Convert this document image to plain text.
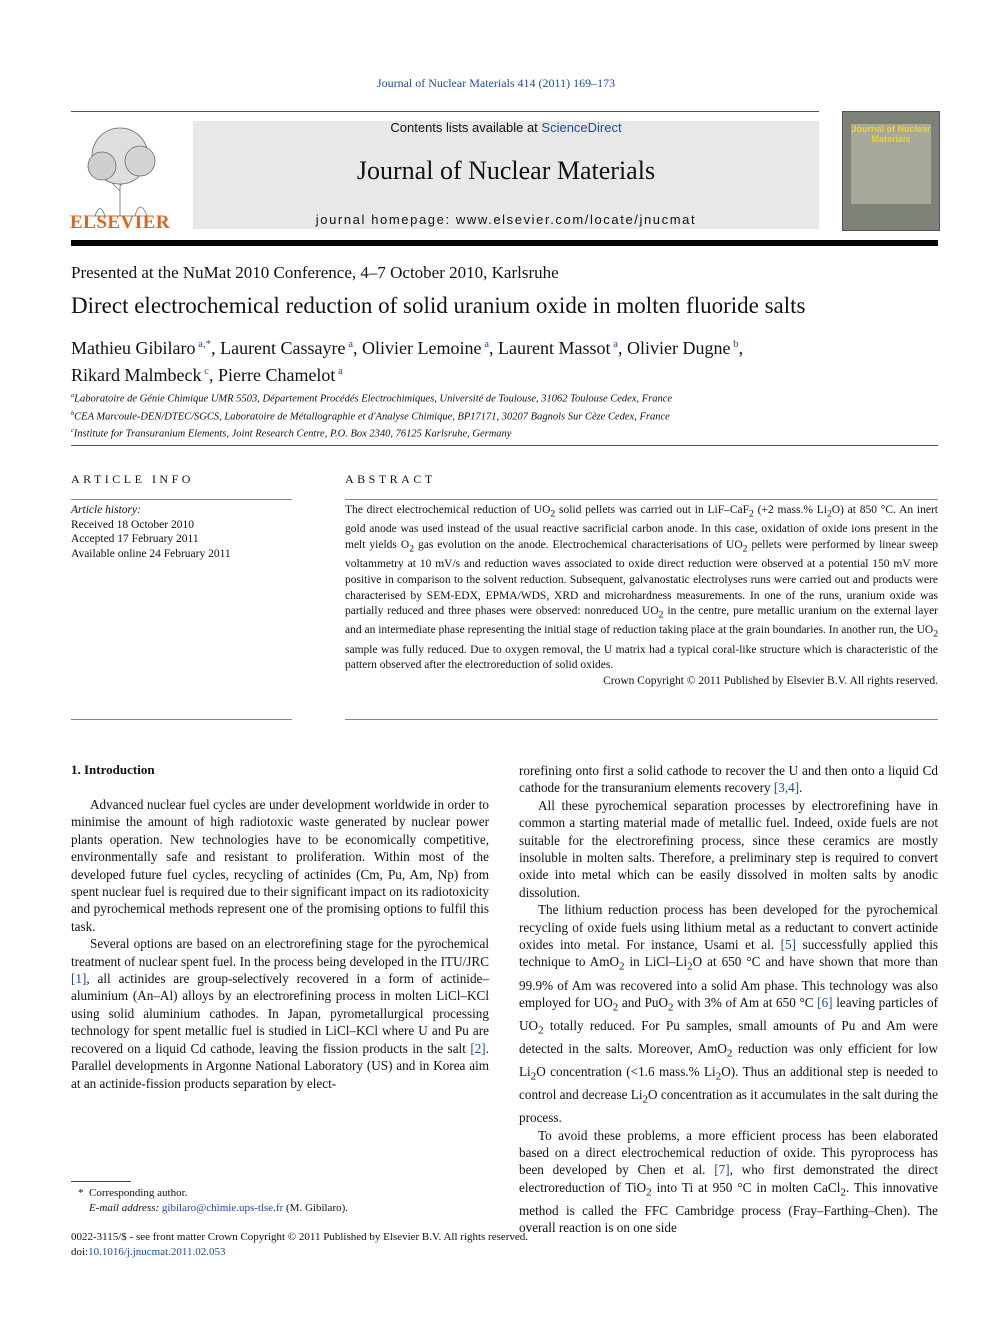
Journal of Nuclear Materials 414 (2011) 169–173
ELSEVIER
Contents lists available at ScienceDirect
Journal of Nuclear Materials
journal homepage: www.elsevier.com/locate/jnucmat
Journal of Nuclear Materials
Presented at the NuMat 2010 Conference, 4–7 October 2010, Karlsruhe
Direct electrochemical reduction of solid uranium oxide in molten fluoride salts
Mathieu Gibilaro $^{a,*}$, Laurent Cassayre $^a$, Olivier Lemoine $^a$, Laurent Massot $^a$, Olivier Dugne $^b$,
Rikard Malmbeck $^c$, Pierre Chamelot $^a$
$^a$Laboratoire de Génie Chimique UMR 5503, Département Procédés Electrochimiques, Université de Toulouse, 31062 Toulouse Cedex, France
$^b$CEA Marcoule-DEN/DTEC/SGCS, Laboratoire de Métallographie et d'Analyse Chimique, BP17171, 30207 Bagnols Sur Cèze Cedex, France
$^c$Institute for Transuranium Elements, Joint Research Centre, P.O. Box 2340, 76125 Karlsruhe, Germany
ARTICLE INFO
Article history:
Received 18 October 2010
Accepted 17 February 2011
Available online 24 February 2011
ABSTRACT
The direct electrochemical reduction of $UO_2$ solid pellets was carried out in LiF–CaF$_2$ (+2 mass.% $Li_2O$) at 850 °C. An inert gold anode was used instead of the usual reactive sacrificial carbon anode. In this case, oxidation of oxide ions present in the melt yields $O_2$ gas evolution on the anode. Electrochemical characterisations of $UO_2$ pellets were performed by linear sweep voltammetry at 10 mV/s and reduction waves associated to oxide direct reduction were observed at a potential 150 mV more positive in comparison to the solvent reduction. Subsequent, galvanostatic electrolyses runs were carried out and products were characterised by SEM-EDX, EPMA/WDS, XRD and microhardness measurements. In one of the runs, uranium oxide was partially reduced and three phases were observed: nonreduced $UO_2$ in the centre, pure metallic uranium on the external layer and an intermediate phase representing the initial stage of reduction taking place at the grain boundaries. In another run, the $UO_2$ sample was fully reduced. Due to oxygen removal, the U matrix had a typical coral-like structure which is characteristic of the pattern observed after the electroreduction of solid oxides.
Crown Copyright © 2011 Published by Elsevier B.V. All rights reserved.
1. Introduction

Advanced nuclear fuel cycles are under development worldwide in order to minimise the amount of high radiotoxic waste generated by nuclear power plants operation. New technologies have to be economically competitive, environmentally safe and resistant to proliferation. Within most of the developed future fuel cycles, recycling of actinides (Cm, Pu, Am, Np) from spent nuclear fuel is required due to their significant impact on its radiotoxicity and pyrochemical methods represent one of the promising options to fulfil this task.

Several options are based on an electrorefining stage for the pyrochemical treatment of nuclear spent fuel. In the process being developed in the ITU/JRC [1], all actinides are group-selectively recovered in a form of actinide–aluminium (An–Al) alloys by an electrorefining process in molten LiCl–KCl using solid aluminium cathodes. In Japan, pyrometallurgical processing technology for spent metallic fuel is studied in LiCl–KCl where U and Pu are recovered on a liquid Cd cathode, leaving the fission products in the salt [2]. Parallel developments in Argonne National Laboratory (US) and in Korea aim at an actinide-fission products separation by elect-

rorefining onto first a solid cathode to recover the U and then onto a liquid Cd cathode for the transuranium elements recovery [3,4].

All these pyrochemical separation processes by electrorefining have in common a starting material made of metallic fuel. Indeed, oxide fuels are not suitable for the electrorefining process, since these ceramics are mostly insoluble in molten salts. Therefore, a preliminary step is required to convert oxide into metal which can be easily dissolved in molten salts by anodic dissolution.

The lithium reduction process has been developed for the pyrochemical recycling of oxide fuels using lithium metal as a reductant to convert actinide oxides into metal. For instance, Usami et al. [5] successfully applied this technique to AmO$_2$ in LiCl–$Li_2O$ at 650 °C and have shown that more than 99.9% of Am was recovered into a solid Am phase. This technology was also employed for $UO_2$ and PuO$_2$ with 3% of Am at 650 °C [6] leaving particles of $UO_2$ totally reduced. For Pu samples, small amounts of Pu and Am were detected in the salts. Moreover, AmO$_2$ reduction was only efficient for low $Li_2O$ concentration (<1.6 mass.% $Li_2O$). Thus an additional step is needed to control and decrease $Li_2O$ concentration as it accumulates in the salt during the process.

To avoid these problems, a more efficient process has been elaborated based on a direct electrochemical reduction of oxide. This pyroprocess has been developed by Chen et al. [7], who first demonstrated the direct electroreduction of TiO$_2$ into Ti at 950 °C in molten CaCl$_2$. This innovative method is called the FFC Cambridge process (Fray–Farthing–Chen). The overall reaction is on one side

*  Corresponding author.
E-mail address: gibilaro@chimie.ups-tlse.fr (M. Gibilaro).
0022-3115/$ - see front matter Crown Copyright © 2011 Published by Elsevier B.V. All rights reserved.
doi:10.1016/j.jnucmat.2011.02.053
